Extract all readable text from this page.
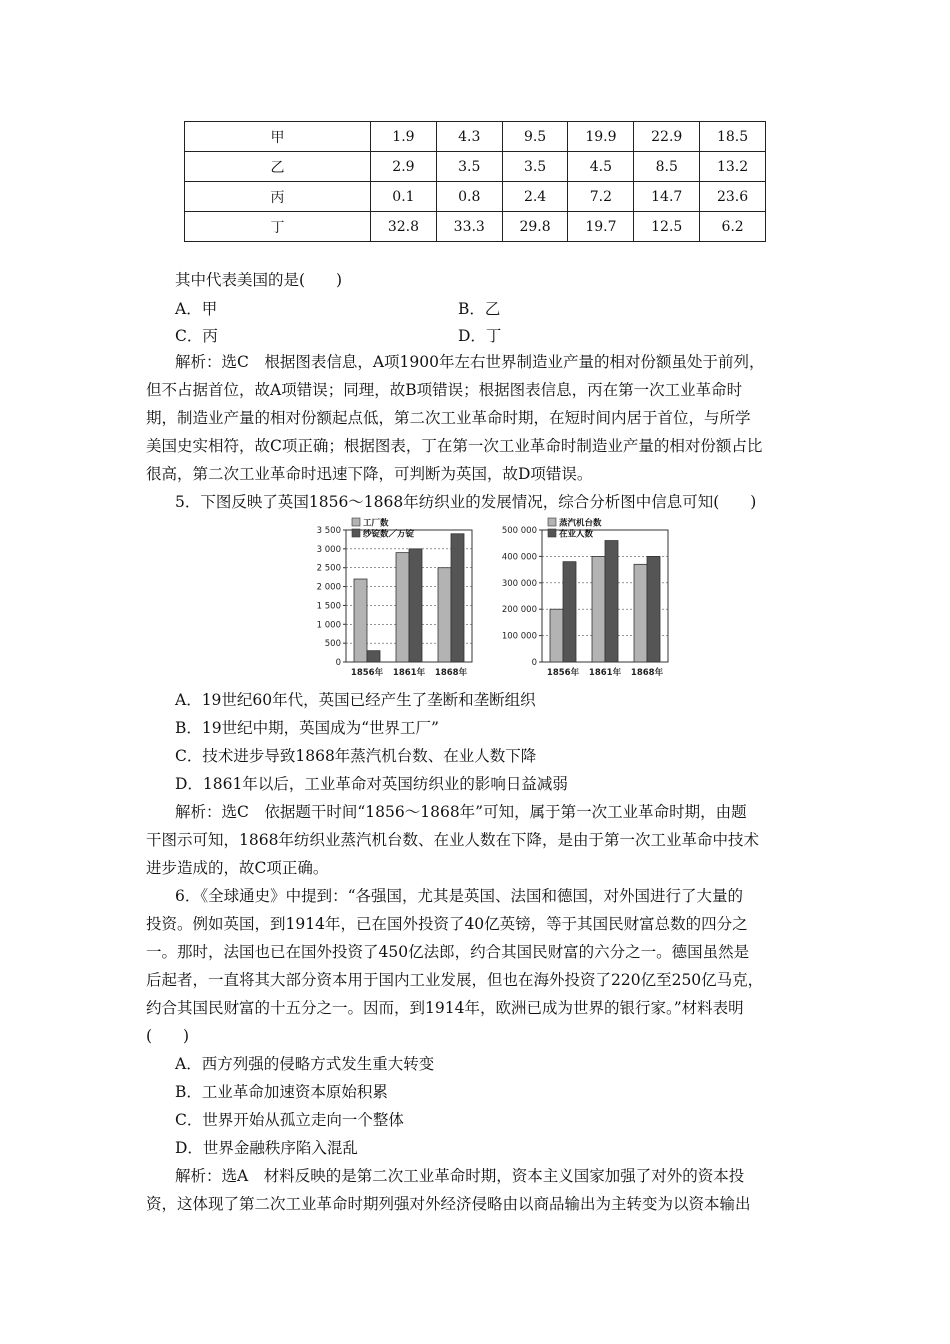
甲	1.9	4.3	9.5	19.9	22.9	18.5
乙	2.9	3.5	3.5	4.5	8.5	13.2
丙	0.1	0.8	2.4	7.2	14.7	23.6
丁	32.8	33.3	29.8	19.7	12.5	6.2
其中代表美国的是(　　)
A．甲	B．乙
C．丙	D．丁
解析：选C　根据图表信息，A项1900年左右世界制造业产量的相对份额虽处于前列，
但不占据首位，故A项错误；同理，故B项错误；根据图表信息，丙在第一次工业革命时
期，制造业产量的相对份额起点低，第二次工业革命时期，在短时间内居于首位，与所学
美国史实相符，故C项正确；根据图表，丁在第一次工业革命时制造业产量的相对份额占比
很高，第二次工业革命时迅速下降，可判断为英国，故D项错误。
5．下图反映了英国1856～1868年纺织业的发展情况，综合分析图中信息可知(　　)
0
500
1 000
1 500
2 000
2 500
3 000
3 500
1856年 1861年 1868年
工厂数
纱锭数／万锭
0
100 000
200 000
300 000
400 000
500 000
1856年 1861年 1868年
蒸汽机台数
在业人数
A．19世纪60年代，英国已经产生了垄断和垄断组织
B．19世纪中期，英国成为“世界工厂”
C．技术进步导致1868年蒸汽机台数、在业人数下降
D．1861年以后，工业革命对英国纺织业的影响日益减弱
解析：选C　依据题干时间“1856～1868年”可知，属于第一次工业革命时期，由题
干图示可知，1868年纺织业蒸汽机台数、在业人数在下降，是由于第一次工业革命中技术
进步造成的，故C项正确。
6．《全球通史》中提到：“各强国，尤其是英国、法国和德国，对外国进行了大量的
投资。例如英国，到1914年，已在国外投资了40亿英镑，等于其国民财富总数的四分之
一。那时，法国也已在国外投资了450亿法郎，约合其国民财富的六分之一。德国虽然是
后起者，一直将其大部分资本用于国内工业发展，但也在海外投资了220亿至250亿马克，
约合其国民财富的十五分之一。因而，到1914年，欧洲已成为世界的银行家。”材料表明
(　　)
A．西方列强的侵略方式发生重大转变
B．工业革命加速资本原始积累
C．世界开始从孤立走向一个整体
D．世界金融秩序陷入混乱
解析：选A　材料反映的是第二次工业革命时期，资本主义国家加强了对外的资本投
资，这体现了第二次工业革命时期列强对外经济侵略由以商品输出为主转变为以资本输出
